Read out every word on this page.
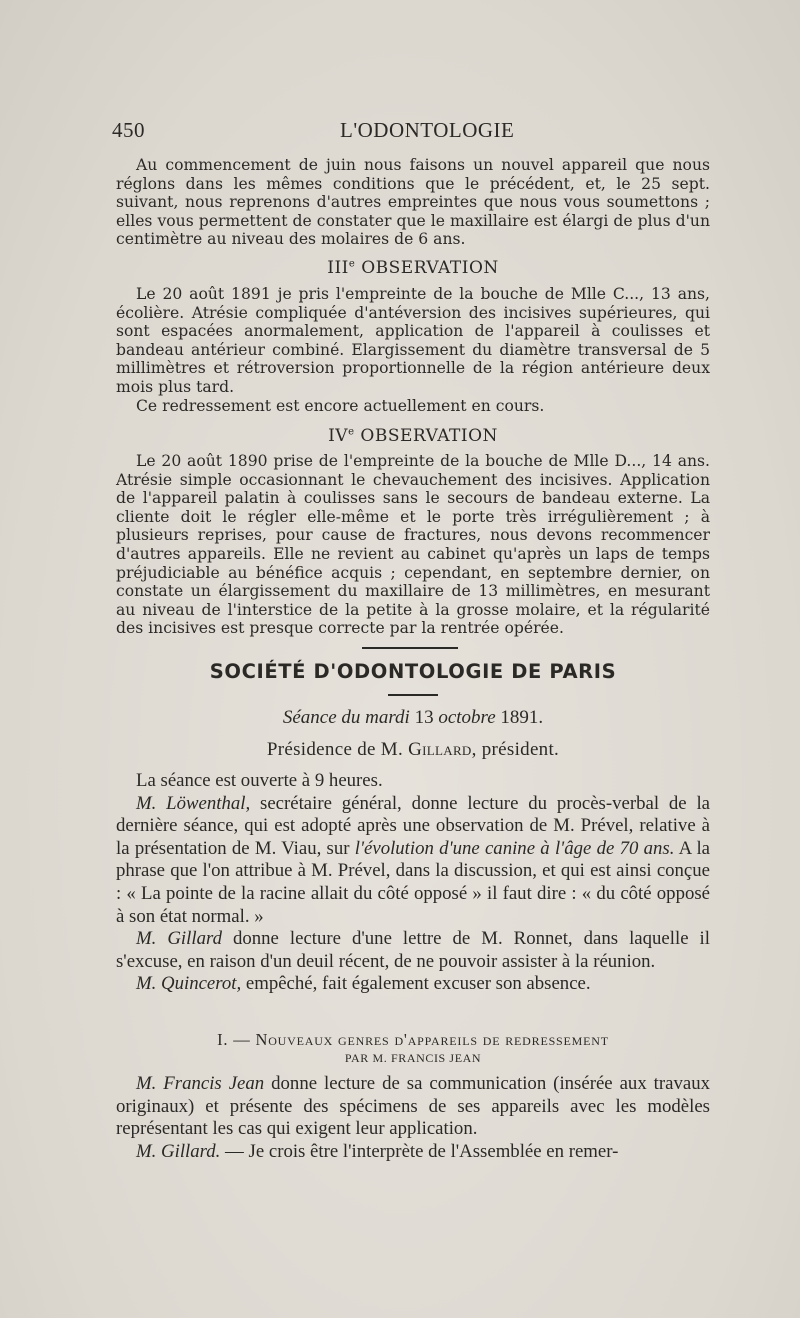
450	L'ODONTOLOGIE

Au commencement de juin nous faisons un nouvel appareil que nous réglons dans les mêmes conditions que le précédent, et, le 25 sept. suivant, nous reprenons d'autres empreintes que nous vous soumettons ; elles vous permettent de constater que le maxillaire est élargi de plus d'un centimètre au niveau des molaires de 6 ans.

IIIe OBSERVATION

Le 20 août 1891 je pris l'empreinte de la bouche de Mlle C..., 13 ans, écolière. Atrésie compliquée d'antéversion des incisives supérieures, qui sont espacées anormalement, application de l'appareil à coulisses et bandeau antérieur combiné. Elargissement du diamètre transversal de 5 millimètres et rétroversion proportionnelle de la région antérieure deux mois plus tard.

Ce redressement est encore actuellement en cours.

IVe OBSERVATION

Le 20 août 1890 prise de l'empreinte de la bouche de Mlle D..., 14 ans. Atrésie simple occasionnant le chevauchement des incisives. Application de l'appareil palatin à coulisses sans le secours de bandeau externe. La cliente doit le régler elle-même et le porte très irrégulièrement ; à plusieurs reprises, pour cause de fractures, nous devons recommencer d'autres appareils. Elle ne revient au cabinet qu'après un laps de temps préjudiciable au bénéfice acquis ; cependant, en septembre dernier, on constate un élargissement du maxillaire de 13 millimètres, en mesurant au niveau de l'interstice de la petite à la grosse molaire, et la régularité des incisives est presque correcte par la rentrée opérée.

SOCIÉTÉ D'ODONTOLOGIE DE PARIS
Séance du mardi 13 octobre 1891.
Présidence de M. Gillard, président.

La séance est ouverte à 9 heures.

M. Löwenthal, secrétaire général, donne lecture du procès-verbal de la dernière séance, qui est adopté après une observation de M. Prével, relative à la présentation de M. Viau, sur l'évolution d'une canine à l'âge de 70 ans. A la phrase que l'on attribue à M. Prével, dans la discussion, et qui est ainsi conçue : « La pointe de la racine allait du côté opposé » il faut dire : « du côté opposé à son état normal. »

M. Gillard donne lecture d'une lettre de M. Ronnet, dans laquelle il s'excuse, en raison d'un deuil récent, de ne pouvoir assister à la réunion.

M. Quincerot, empêché, fait également excuser son absence.

I. — Nouveaux genres d'appareils de redressement
PAR M. FRANCIS JEAN

M. Francis Jean donne lecture de sa communication (insérée aux travaux originaux) et présente des spécimens de ses appareils avec les modèles représentant les cas qui exigent leur application.

M. Gillard. — Je crois être l'interprète de l'Assemblée en remer-
